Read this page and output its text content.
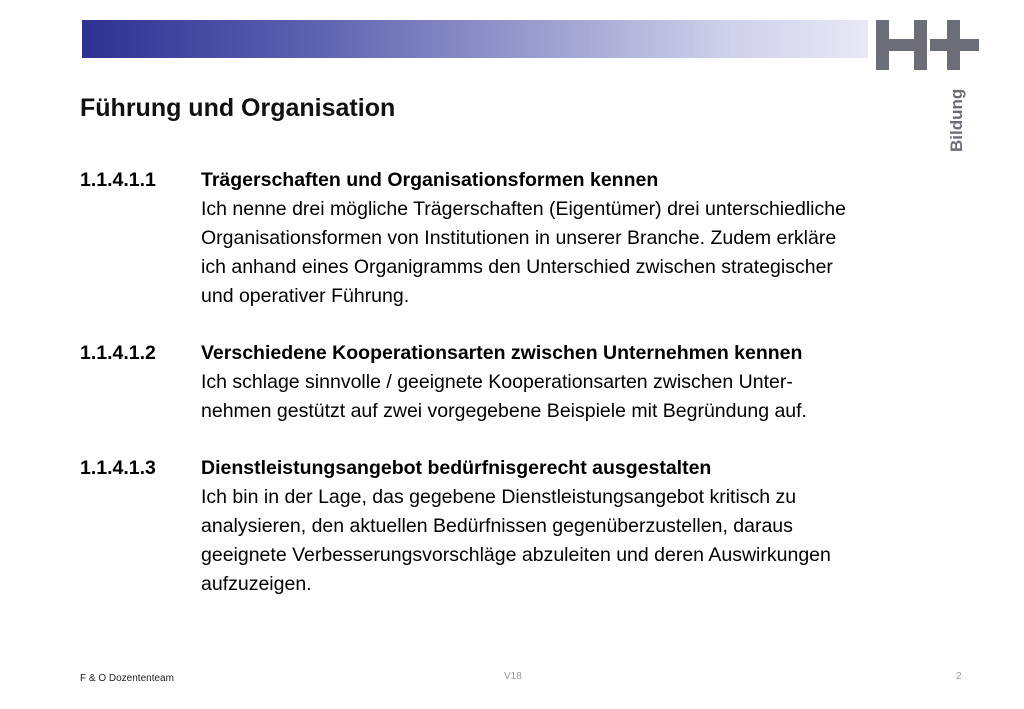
Bildung
Führung und Organisation
1.1.4.1.1	Trägerschaften und Organisationsformen kennen
Ich nenne drei mögliche Trägerschaften (Eigentümer) drei unterschiedliche
Organisationsformen von Institutionen in unserer Branche. Zudem erkläre
ich anhand eines Organigramms den Unterschied zwischen strategischer
und operativer Führung.
1.1.4.1.2	Verschiedene Kooperationsarten zwischen Unternehmen kennen
Ich schlage sinnvolle / geeignete Kooperationsarten zwischen Unter-
nehmen gestützt auf zwei vorgegebene Beispiele mit Begründung auf.
1.1.4.1.3	Dienstleistungsangebot bedürfnisgerecht ausgestalten
Ich bin in der Lage, das gegebene Dienstleistungsangebot kritisch zu
analysieren, den aktuellen Bedürfnissen gegenüberzustellen, daraus
geeignete Verbesserungsvorschläge abzuleiten und deren Auswirkungen
aufzuzeigen.
F & O Dozententeam	V18	2
